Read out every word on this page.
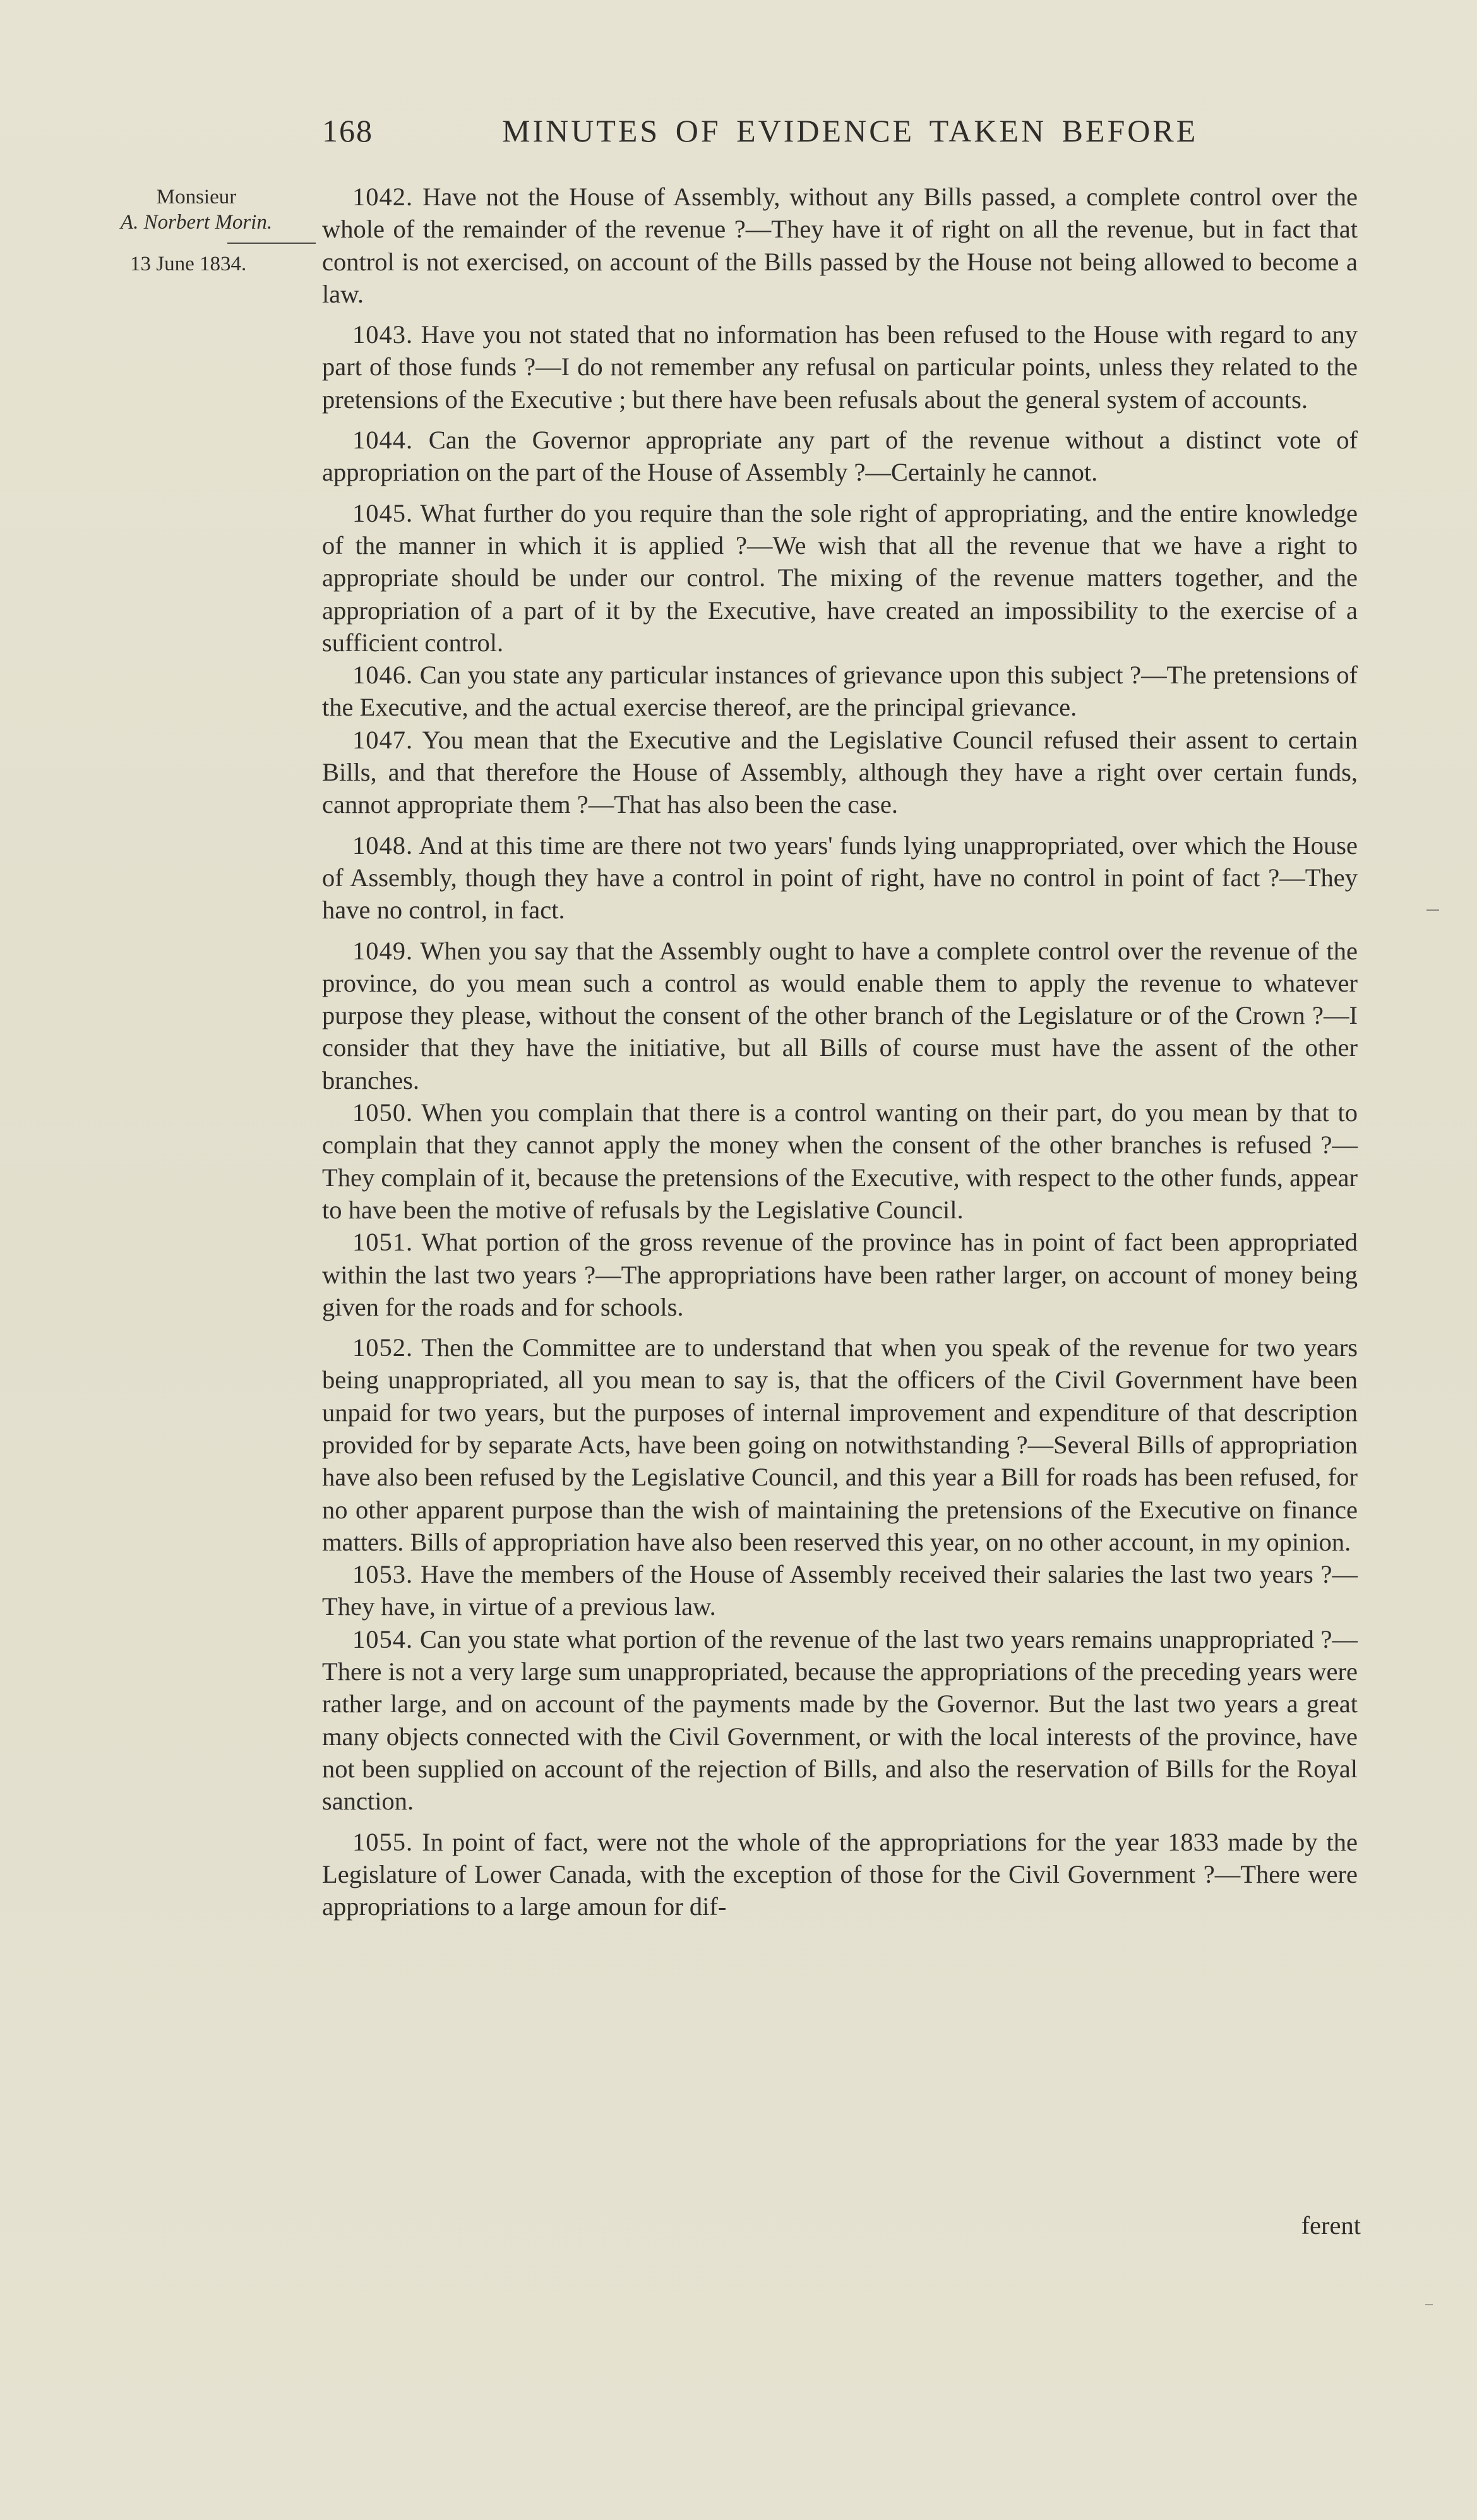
168	MINUTES OF EVIDENCE TAKEN BEFORE
Monsieur
A. Norbert Morin.
13 June 1834.

1042. Have not the House of Assembly, without any Bills passed, a complete control over the whole of the remainder of the revenue ?—They have it of right on all the revenue, but in fact that control is not exercised, on account of the Bills passed by the House not being allowed to become a law.

1043. Have you not stated that no information has been refused to the House with regard to any part of those funds ?—I do not remember any refusal on particular points, unless they related to the pretensions of the Executive ; but there have been refusals about the general system of accounts.

1044. Can the Governor appropriate any part of the revenue without a distinct vote of appropriation on the part of the House of Assembly ?—Certainly he cannot.

1045. What further do you require than the sole right of appropriating, and the entire knowledge of the manner in which it is applied ?—We wish that all the revenue that we have a right to appropriate should be under our control. The mixing of the revenue matters together, and the appropriation of a part of it by the Executive, have created an impossibility to the exercise of a sufficient control.

1046. Can you state any particular instances of grievance upon this subject ?—The pretensions of the Executive, and the actual exercise thereof, are the principal grievance.

1047. You mean that the Executive and the Legislative Council refused their assent to certain Bills, and that therefore the House of Assembly, although they have a right over certain funds, cannot appropriate them ?—That has also been the case.

1048. And at this time are there not two years' funds lying unappropriated, over which the House of Assembly, though they have a control in point of right, have no control in point of fact ?—They have no control, in fact.

1049. When you say that the Assembly ought to have a complete control over the revenue of the province, do you mean such a control as would enable them to apply the revenue to whatever purpose they please, without the consent of the other branch of the Legislature or of the Crown ?—I consider that they have the initiative, but all Bills of course must have the assent of the other branches.

1050. When you complain that there is a control wanting on their part, do you mean by that to complain that they cannot apply the money when the consent of the other branches is refused ?—They complain of it, because the pretensions of the Executive, with respect to the other funds, appear to have been the motive of refusals by the Legislative Council.

1051. What portion of the gross revenue of the province has in point of fact been appropriated within the last two years ?—The appropriations have been rather larger, on account of money being given for the roads and for schools.

1052. Then the Committee are to understand that when you speak of the revenue for two years being unappropriated, all you mean to say is, that the officers of the Civil Government have been unpaid for two years, but the purposes of internal improvement and expenditure of that description provided for by separate Acts, have been going on notwithstanding ?—Several Bills of appropriation have also been refused by the Legislative Council, and this year a Bill for roads has been refused, for no other apparent purpose than the wish of maintaining the pretensions of the Executive on finance matters. Bills of appropriation have also been reserved this year, on no other account, in my opinion.

1053. Have the members of the House of Assembly received their salaries the last two years ?—They have, in virtue of a previous law.

1054. Can you state what portion of the revenue of the last two years remains unappropriated ?—There is not a very large sum unappropriated, because the appropriations of the preceding years were rather large, and on account of the payments made by the Governor. But the last two years a great many objects connected with the Civil Government, or with the local interests of the province, have not been supplied on account of the rejection of Bills, and also the reservation of Bills for the Royal sanction.

1055. In point of fact, were not the whole of the appropriations for the year 1833 made by the Legislature of Lower Canada, with the exception of those for the Civil Government ?—There were appropriations to a large amoun for dif-

ferent
